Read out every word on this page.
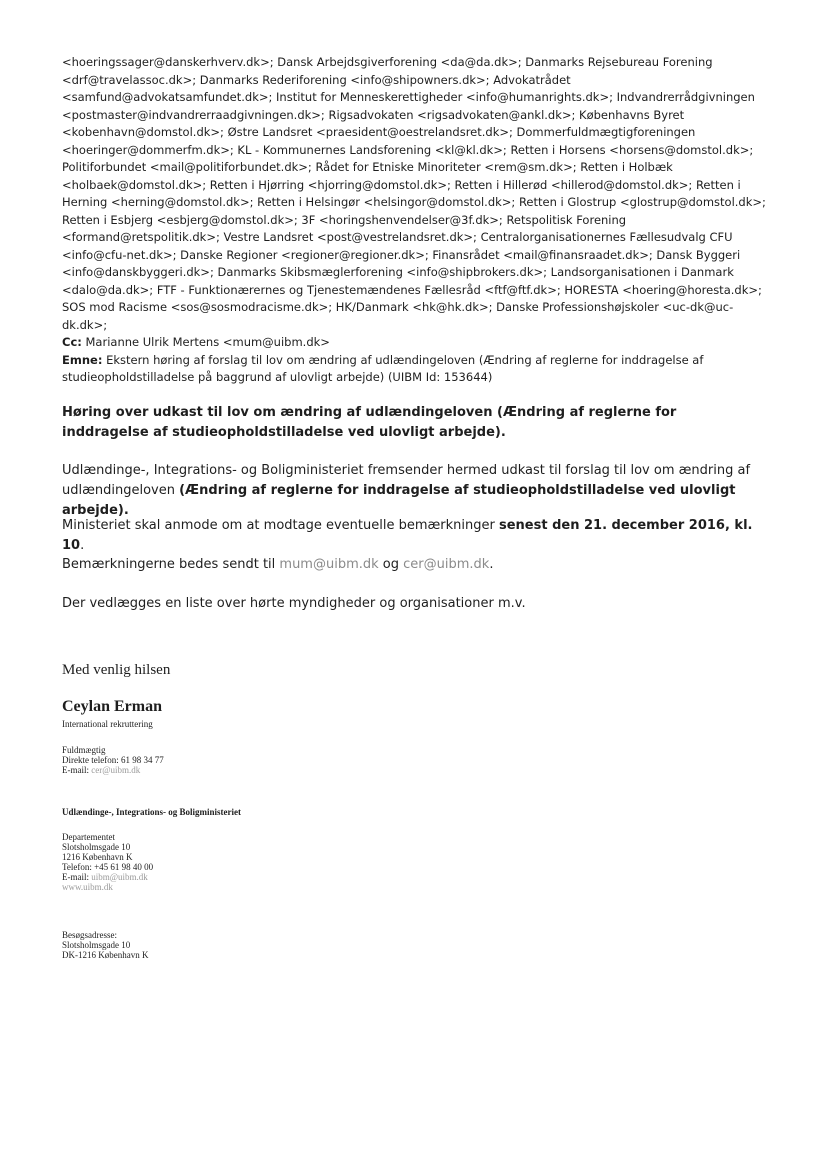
<hoeringssager@danskerhverv.dk>; Dansk Arbejdsgiverforening <da@da.dk>; Danmarks Rejsebureau Forening <drf@travelassoc.dk>; Danmarks Rederiforening <info@shipowners.dk>; Advokatrådet <samfund@advokatsamfundet.dk>; Institut for Menneskerettigheder <info@humanrights.dk>; Indvandrerrådgivningen <postmaster@indvandrerraadgivningen.dk>; Rigsadvokaten <rigsadvokaten@ankl.dk>; Københavns Byret <kobenhavn@domstol.dk>; Østre Landsret <praesident@oestrelandsret.dk>; Dommerfuldmægtigforeningen <hoeringer@dommerfm.dk>; KL - Kommunernes Landsforening <kl@kl.dk>; Retten i Horsens <horsens@domstol.dk>; Politiforbundet <mail@politiforbundet.dk>; Rådet for Etniske Minoriteter <rem@sm.dk>; Retten i Holbæk <holbaek@domstol.dk>; Retten i Hjørring <hjorring@domstol.dk>; Retten i Hillerød <hillerod@domstol.dk>; Retten i Herning <herning@domstol.dk>; Retten i Helsingør <helsingor@domstol.dk>; Retten i Glostrup <glostrup@domstol.dk>; Retten i Esbjerg <esbjerg@domstol.dk>; 3F <horingshenvendelser@3f.dk>; Retspolitisk Forening <formand@retspolitik.dk>; Vestre Landsret <post@vestrelandsret.dk>; Centralorganisationernes Fællesudvalg CFU <info@cfu-net.dk>; Danske Regioner <regioner@regioner.dk>; Finansrådet <mail@finansraadet.dk>; Dansk Byggeri <info@danskbyggeri.dk>; Danmarks Skibsmæglerforening <info@shipbrokers.dk>; Landsorganisationen i Danmark <dalo@da.dk>; FTF - Funktionærernes og Tjenestemændenes Fællesråd <ftf@ftf.dk>; HORESTA <hoering@horesta.dk>; SOS mod Racisme <sos@sosmodracisme.dk>; HK/Danmark <hk@hk.dk>; Danske Professionshøjskoler <uc-dk@uc-dk.dk>;
Cc: Marianne Ulrik Mertens <mum@uibm.dk>
Emne: Ekstern høring af forslag til lov om ændring af udlændingeloven (Ændring af reglerne for inddragelse af studieopholdstilladelse på baggrund af ulovligt arbejde) (UIBM Id: 153644)
Høring over udkast til lov om ændring af udlændingeloven (Ændring af reglerne for inddragelse af studieopholdstilladelse ved ulovligt arbejde).
Udlændinge-, Integrations- og Boligministeriet fremsender hermed udkast til forslag til lov om ændring af udlændingeloven (Ændring af reglerne for inddragelse af studieopholdstilladelse ved ulovligt arbejde).
Ministeriet skal anmode om at modtage eventuelle bemærkninger senest den 21. december 2016, kl. 10.
Bemærkningerne bedes sendt til mum@uibm.dk og cer@uibm.dk.
Der vedlægges en liste over hørte myndigheder og organisationer m.v.
Med venlig hilsen
Ceylan Erman
International rekruttering
Fuldmægtig
Direkte telefon: 61 98 34 77
E-mail: cer@uibm.dk
Udlændinge-, Integrations- og Boligministeriet
Departementet
Slotsholmsgade 10
1216 København K
Telefon: +45 61 98 40 00
E-mail: uibm@uibm.dk
www.uibm.dk
Besøgsadresse:
Slotsholmsgade 10
DK-1216 København K
